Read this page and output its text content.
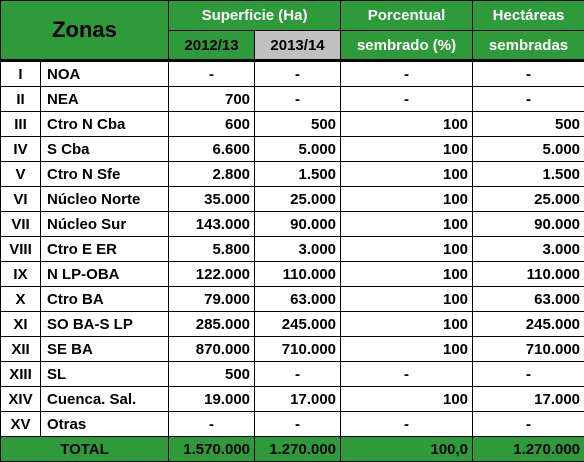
Zonas		Superficie (Ha)		Porcentual	Hectáreas
		2012/13	2013/14	sembrado (%)	sembradas
I	NOA	-	-	-	-
II	NEA	700	-	-	-
III	Ctro N Cba	600	500	100	500
IV	S Cba	6.600	5.000	100	5.000
V	Ctro N Sfe	2.800	1.500	100	1.500
VI	Núcleo Norte	35.000	25.000	100	25.000
VII	Núcleo Sur	143.000	90.000	100	90.000
VIII	Ctro E ER	5.800	3.000	100	3.000
IX	N LP-OBA	122.000	110.000	100	110.000
X	Ctro BA	79.000	63.000	100	63.000
XI	SO BA-S LP	285.000	245.000	100	245.000
XII	SE BA	870.000	710.000	100	710.000
XIII	SL	500	-	-	-
XIV	Cuenca. Sal.	19.000	17.000	100	17.000
XV	Otras	-	-	-	-
TOTAL		1.570.000	1.270.000	100,0	1.270.000
